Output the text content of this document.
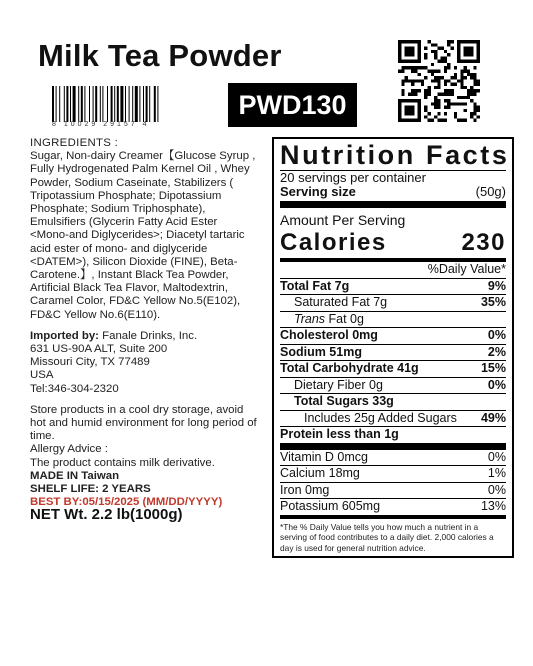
Milk Tea Powder
8 10029 29157 4
PWD130

INGREDIENTS :

Sugar, Non-dairy Creamer【Glucose Syrup , Fully Hydrogenated Palm Kernel Oil , Whey Powder, Sodium Caseinate, Stabilizers ( Tripotassium Phosphate; Dipotassium Phosphate; Sodium Triphosphate), Emulsifiers (Glycerin Fatty Acid Ester <Mono-and Diglycerides>; Diacetyl tartaric acid ester of mono- and diglyceride <DATEM>), Silicon Dioxide (FINE), Beta-Carotene.】, Instant Black Tea Powder, Artificial Black Tea Flavor, Maltodextrin, Caramel Color, FD&C Yellow No.5(E102), FD&C Yellow No.6(E110).

Imported by: Fanale Drinks, Inc.

631 US-90A ALT, Suite 200

Missouri City, TX 77489

USA

Tel:346-304-2320

Store products in a cool dry storage, avoid hot and humid environment for long period of time.

Allergy Advice :

The product contains milk derivative.

MADE IN Taiwan

SHELF LIFE: 2 YEARS

BEST BY:05/15/2025 (MM/DD/YYYY)

NET Wt. 2.2 lb(1000g)
Nutrition Facts
20 servings per container
Serving size	(50g)
Amount Per Serving
Calories	230
%Daily Value*
Total Fat 7g	9%
Saturated Fat 7g	35%
Trans Fat 0g
Cholesterol 0mg	0%
Sodium 51mg	2%
Total Carbohydrate 41g	15%
Dietary Fiber 0g	0%
Total Sugars 33g
Includes 25g Added Sugars 49%
Protein less than 1g
Vitamin D 0mcg	0%
Calcium 18mg	1%
Iron 0mg	0%
Potassium 605mg	13%
*The % Daily Value tells you how much a nutrient in a serving of food contributes to a daily diet. 2,000 calories a day is used for general nutrition advice.
